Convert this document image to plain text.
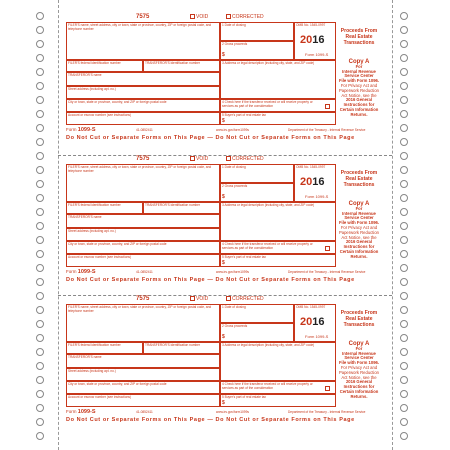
7575	VOID	CORRECTED
FILER'S name, street address, city or town, state or province, country, ZIP or foreign postal code, and telephone number
1 Date of closing
2 Gross proceeds
$
OMB No. 1545-0997
2016
Form 1099-S
Proceeds From Real Estate Transactions
FILER'S federal identification number	TRANSFEROR'S identification number	3 Address or legal description (including city, state, and ZIP code)
TRANSFEROR'S name
Street address (including apt. no.)
City or town, state or province, country, and ZIP or foreign postal code	4 Check here if the transferor received or will receive property or services as part of the consideration
Account or escrow number (see instructions)	5 Buyer's part of real estate tax
$
Copy A
For
Internal Revenue Service Center
File with Form 1096.
For Privacy Act and Paperwork Reduction Act Notice, see the
2016 General Instructions for Certain Information Returns.
Form 1099-S	41-0852411	www.irs.gov/form1099s	Department of the Treasury - Internal Revenue Service
Do Not Cut or Separate Forms on This Page — Do Not Cut or Separate Forms on This Page
7575	VOID	CORRECTED
FILER'S name, street address, city or town, state or province, country, ZIP or foreign postal code, and telephone number
1 Date of closing
2 Gross proceeds
$
OMB No. 1545-0997
2016
Form 1099-S
Proceeds From Real Estate Transactions
FILER'S federal identification number	TRANSFEROR'S identification number	3 Address or legal description (including city, state, and ZIP code)
TRANSFEROR'S name
Street address (including apt. no.)
City or town, state or province, country, and ZIP or foreign postal code	4 Check here if the transferor received or will receive property or services as part of the consideration
Account or escrow number (see instructions)	5 Buyer's part of real estate tax
$
Copy A
For
Internal Revenue Service Center
File with Form 1096.
For Privacy Act and Paperwork Reduction Act Notice, see the
2016 General Instructions for Certain Information Returns.
Form 1099-S	41-0852411	www.irs.gov/form1099s	Department of the Treasury - Internal Revenue Service
Do Not Cut or Separate Forms on This Page — Do Not Cut or Separate Forms on This Page
7575	VOID	CORRECTED
FILER'S name, street address, city or town, state or province, country, ZIP or foreign postal code, and telephone number
1 Date of closing
2 Gross proceeds
$
OMB No. 1545-0997
2016
Form 1099-S
Proceeds From Real Estate Transactions
FILER'S federal identification number	TRANSFEROR'S identification number	3 Address or legal description (including city, state, and ZIP code)
TRANSFEROR'S name
Street address (including apt. no.)
City or town, state or province, country, and ZIP or foreign postal code	4 Check here if the transferor received or will receive property or services as part of the consideration
Account or escrow number (see instructions)	5 Buyer's part of real estate tax
$
Copy A
For
Internal Revenue Service Center
File with Form 1096.
For Privacy Act and Paperwork Reduction Act Notice, see the
2016 General Instructions for Certain Information Returns.
Form 1099-S	41-0852411	www.irs.gov/form1099s	Department of the Treasury - Internal Revenue Service
Do Not Cut or Separate Forms on This Page — Do Not Cut or Separate Forms on This Page
